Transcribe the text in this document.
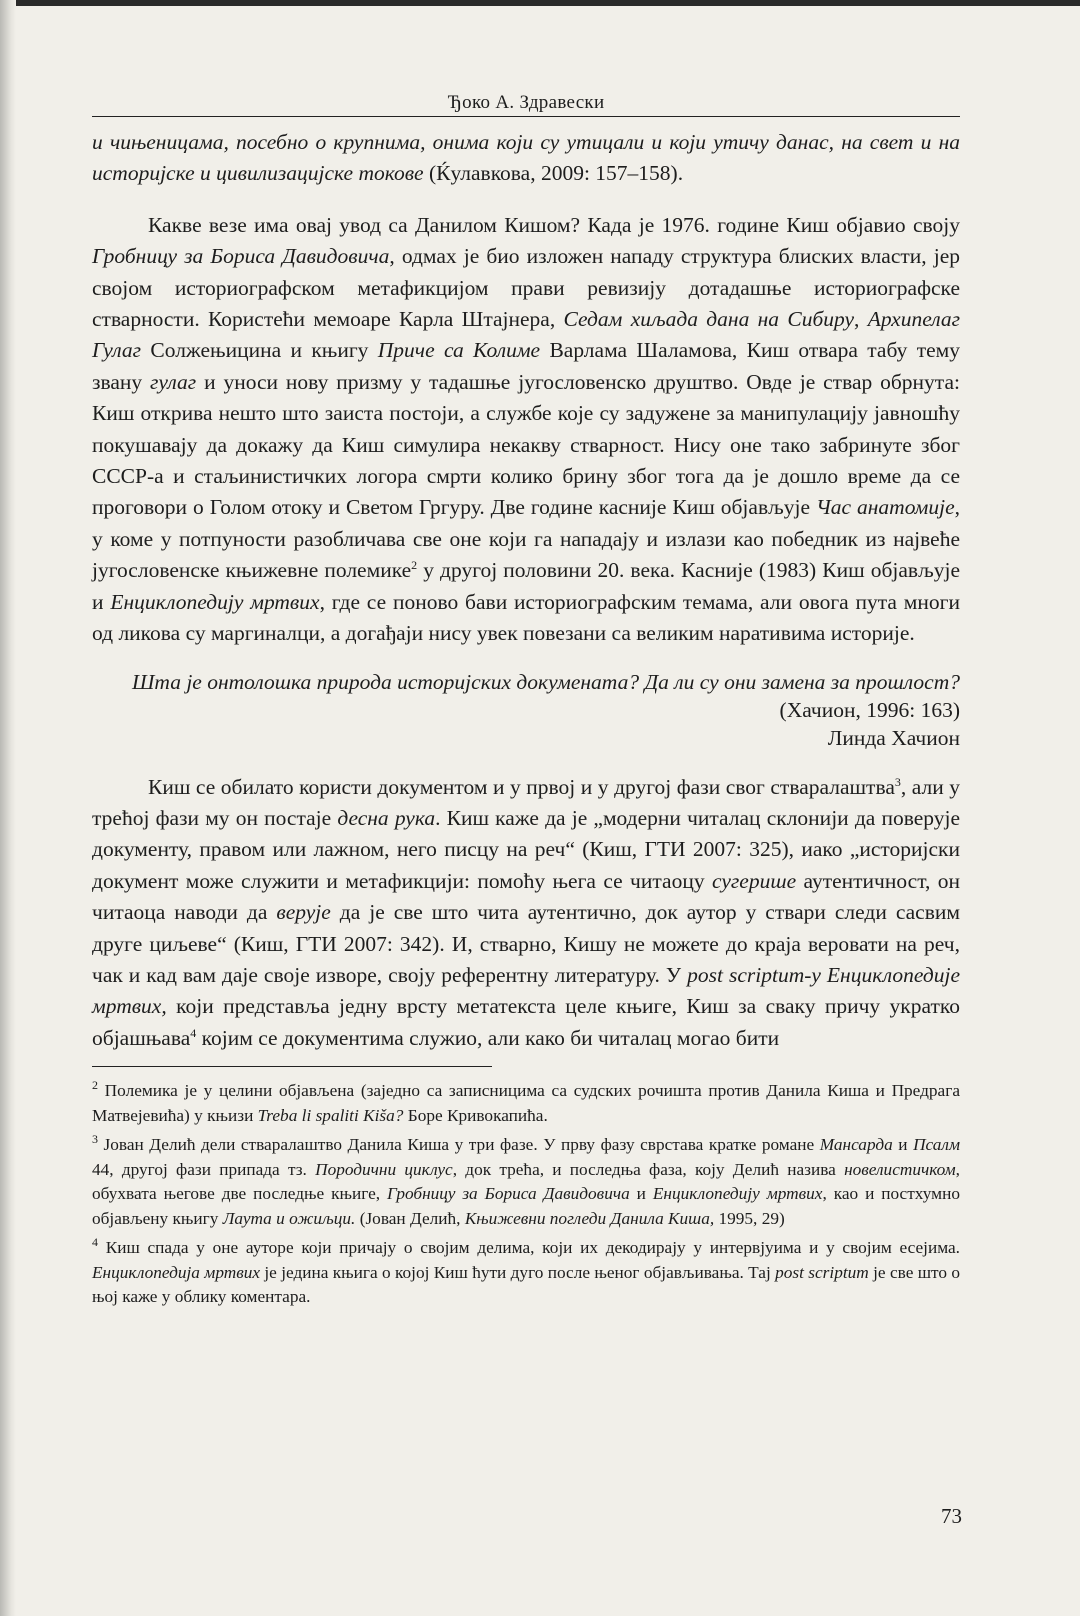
Ђоко А. Здравески

и чињеницама, посебно о крупнима, онима који су утицали и који утичу данас, на свет и на историјске и цивилизацијске токове (Ќулавкова, 2009: 157–158).

Какве везе има овај увод са Данилом Кишом? Када је 1976. године Киш објавио своју Гробницу за Бориса Давидовича, одмах је био изложен нападу структура блиских власти, јер својом историографском метафикцијом прави ревизију дотадашње историографске стварности. Користећи мемоаре Карла Штајнера, Седам хиљада дана на Сибиру, Архипелаг Гулаг Солжењицина и књигу Приче са Колиме Варлама Шаламова, Киш отвара табу тему звану гулаг и уноси нову призму у тадашње југословенско друштво. Овде је ствар обрнута: Киш открива нешто што заиста постоји, а службе које су задужене за манипулацију јавношћу покушавају да докажу да Киш симулира некакву стварност. Нису оне тако забринуте због СССР-а и стаљинистичких логора смрти колико брину због тога да је дошло време да се проговори о Голом отоку и Светом Гргуру. Две године касније Киш објављује Час анатомије, у коме у потпуности разобличава све оне који га нападају и излази као победник из највеће југословенске књижевне полемике$^2$ у другој половини 20. века. Касније (1983) Киш објављује и Енциклопедију мртвих, где се поново бави историографским темама, али овога пута многи од ликова су маргиналци, а догађаји нису увек повезани са великим наративима историје.

Шта је онтолошка природа историјских докумената? Да ли су они замена за прошлост? (Хачион, 1996: 163)
Линда Хачион

Киш се обилато користи документом и у првој и у другој фази свог стваралаштва$^3$, али у трећој фази му он постаје десна рука. Киш каже да је „модерни читалац склонији да поверује документу, правом или лажном, него писцу на реч“ (Киш, ГТИ 2007: 325), иако „историјски документ може служити и метафикцији: помоћу њега се читаоцу сугерише аутентичност, он читаоца наводи да верује да је све што чита аутентично, док аутор у ствари следи сасвим друге циљеве“ (Киш, ГТИ 2007: 342). И, стварно, Кишу не можете до краја веровати на реч, чак и кад вам даје своје изворе, своју референтну литературу. У post scriptum-у Енциклопедије мртвих, који представља једну врсту метатекста целе књиге, Киш за сваку причу укратко објашњава$^4$ којим се документима служио, али како би читалац могао бити

$^2$ Полемика је у целини објављена (заједно са записницима са судских рочишта против Данила Киша и Предрага Матвејевића) у књизи Treba li spaliti Kiša? Боре Кривокапића.

$^3$ Јован Делић дели стваралаштво Данила Киша у три фазе. У прву фазу сврстава кратке романе Мансарда и Псалм 44, другој фази припада тз. Породични циклус, док трећа, и последња фаза, коју Делић назива новелистичком, обухвата његове две последње књиге, Гробницу за Бориса Давидовича и Енциклопедију мртвих, као и постхумно објављену књигу Лаута и ожиљци. (Јован Делић, Књижевни погледи Данила Киша, 1995, 29)

$^4$ Киш спада у оне ауторе који причају о својим делима, који их декодирају у интервјуима и у својим есејима. Енциклопедија мртвих је једина књига о којој Киш ћути дуго после њеног објављивања. Тај post scriptum је све што о њој каже у облику коментара.

73
